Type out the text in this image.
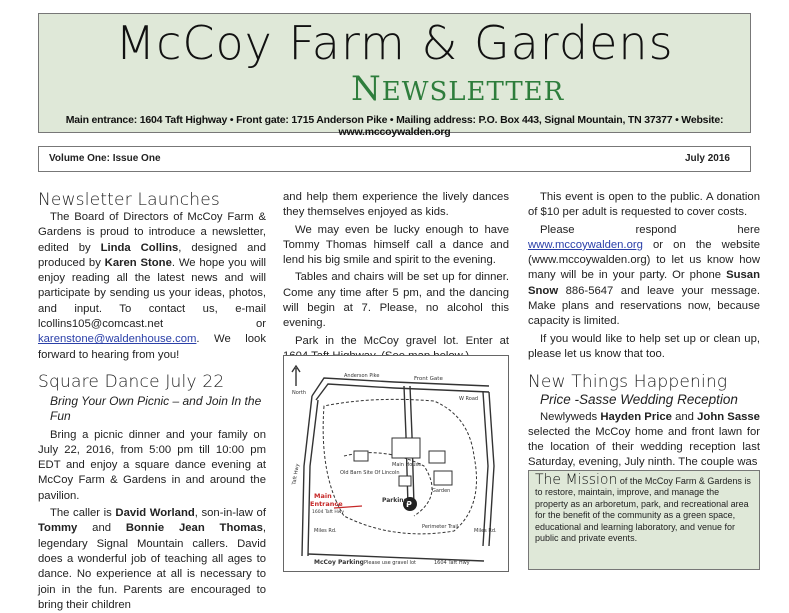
McCoy Farm & Gardens
NEWSLETTER
Main entrance: 1604 Taft Highway • Front gate: 1715 Anderson Pike • Mailing address: P.O. Box 443, Signal Mountain, TN 37377 • Website: www.mccoywalden.org
Volume One: Issue One	July 2016
Newsletter Launches

The Board of Directors of McCoy Farm & Gardens is proud to introduce a newsletter, edited by Linda Collins, designed and produced by Karen Stone. We hope you will enjoy reading all the latest news and will participate by sending us your ideas, photos, and input. To contact us, e-mail lcollins105@comcast.net or karenstone@waldenhouse.com. We look forward to hearing from you!

Square Dance July 22
Bring Your Own Picnic – and Join In the Fun

Bring a picnic dinner and your family on July 22, 2016, from 5:00 pm till 10:00 pm EDT and enjoy a square dance evening at McCoy Farm & Gardens in and around the pavilion.

The caller is David Worland, son-in-law of Tommy and Bonnie Jean Thomas, legendary Signal Mountain callers. David does a wonderful job of teaching all ages to dance. No experience at all is necessary to join in the fun. Parents are encouraged to bring their children

and help them experience the lively dances they themselves enjoyed as kids.

We may even be lucky enough to have Tommy Thomas himself call a dance and lend his big smile and spirit to the evening.

Tables and chairs will be set up for dinner. Come any time after 5 pm, and the dancing will begin at 7. Please, no alcohol this evening.

Park in the McCoy gravel lot. Enter at

P
North
Anderson Pike	Front Gate
W Road
Taft Hwy	Old Barn Site Of Lincoln
Main House
Garden
Parking
Perimeter Trail
Miles Rd.	Miles Rd.
McCoy Parking Please use gravel lot	1604 Taft Hwy
Main
Entrance
1604 Taft Hwy

This event is open to the public. A donation of $10 per adult is requested to cover costs.

Please respond here www.mccoywalden.org or on the website (www.mccoywalden.org) to let us know how many will be in your party. Or phone Susan Snow 886-5647 and leave your message. Make plans and reservations now, because capacity is limited.

If you would like to help set up or clean up, please let us know that too.

New Things Happening
Price -Sasse Wedding Reception

Newlyweds Hayden Price and John Sasse selected the McCoy home and front lawn for the location of their wedding reception last Saturday, evening, July ninth. The couple was

The Mission of the McCoy Farm & Gardens is to restore, maintain, improve, and manage the property as an arboretum, park, and recreational area for the benefit of the community as a green space, educational and learning laboratory, and venue for public and private events.
